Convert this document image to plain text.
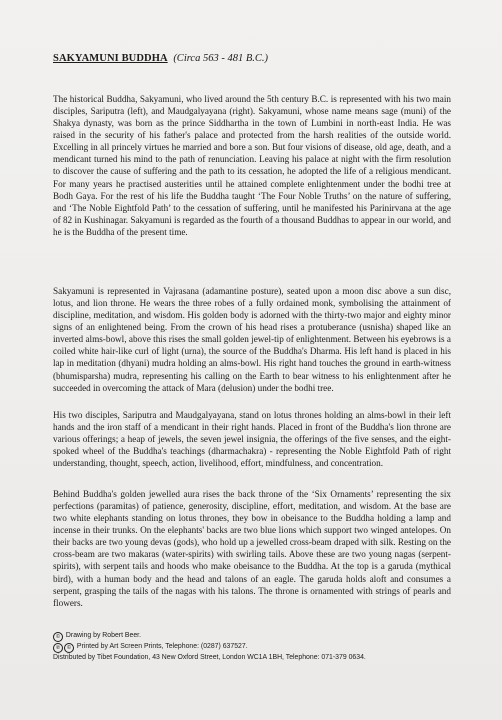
SAKYAMUNI BUDDHA (Circa 563 - 481 B.C.)

The historical Buddha, Sakyamuni, who lived around the 5th century B.C. is represented with his two main disciples, Sariputra (left), and Maudgalyayana (right). Sakyamuni, whose name means sage (muni) of the Shakya dynasty, was born as the prince Siddhartha in the town of Lumbini in north-east India. He was raised in the security of his father's palace and protected from the harsh realities of the outside world. Excelling in all princely virtues he married and bore a son. But four visions of disease, old age, death, and a mendicant turned his mind to the path of renunciation. Leaving his palace at night with the firm resolution to discover the cause of suffering and the path to its cessation, he adopted the life of a religious mendicant. For many years he practised austerities until he attained complete enlightenment under the bodhi tree at Bodh Gaya. For the rest of his life the Buddha taught ‘The Four Noble Truths’ on the nature of suffering, and ‘The Noble Eightfold Path’ to the cessation of suffering, until he manifested his Parinirvana at the age of 82 in Kushinagar. Sakyamuni is regarded as the fourth of a thousand Buddhas to appear in our world, and he is the Buddha of the present time.

Sakyamuni is represented in Vajrasana (adamantine posture), seated upon a moon disc above a sun disc, lotus, and lion throne. He wears the three robes of a fully ordained monk, symbolising the attainment of discipline, meditation, and wisdom. His golden body is adorned with the thirty-two major and eighty minor signs of an enlightened being. From the crown of his head rises a protuberance (usnisha) shaped like an inverted alms-bowl, above this rises the small golden jewel-tip of enlightenment. Between his eyebrows is a coiled white hair-like curl of light (urna), the source of the Buddha's Dharma. His left hand is placed in his lap in meditation (dhyani) mudra holding an alms-bowl. His right hand touches the ground in earth-witness (bhumisparsha) mudra, representing his calling on the Earth to bear witness to his enlightenment after he succeeded in overcoming the attack of Mara (delusion) under the bodhi tree.

His two disciples, Sariputra and Maudgalyayana, stand on lotus thrones holding an alms-bowl in their left hands and the iron staff of a mendicant in their right hands. Placed in front of the Buddha's lion throne are various offerings; a heap of jewels, the seven jewel insignia, the offerings of the five senses, and the eight-spoked wheel of the Buddha's teachings (dharmachakra) - representing the Noble Eightfold Path of right understanding, thought, speech, action, livelihood, effort, mindfulness, and concentration.

Behind Buddha's golden jewelled aura rises the back throne of the ‘Six Ornaments’ representing the six perfections (paramitas) of patience, generosity, discipline, effort, meditation, and wisdom. At the base are two white elephants standing on lotus thrones, they bow in obeisance to the Buddha holding a lamp and incense in their trunks. On the elephants' backs are two blue lions which support two winged antelopes. On their backs are two young devas (gods), who hold up a jewelled cross-beam draped with silk. Resting on the cross-beam are two makaras (water-spirits) with swirling tails. Above these are two young nagas (serpent-spirits), with serpent tails and hoods who make obeisance to the Buddha. At the top is a garuda (mythical bird), with a human body and the head and talons of an eagle. The garuda holds aloft and consumes a serpent, grasping the tails of the nagas with his talons. The throne is ornamented with strings of pearls and flowers.

© Drawing by Robert Beer.
℗ © Printed by Art Screen Prints, Telephone: (0287) 637527.
Distributed by Tibet Foundation, 43 New Oxford Street, London WC1A 1BH, Telephone: 071-379 0634.
